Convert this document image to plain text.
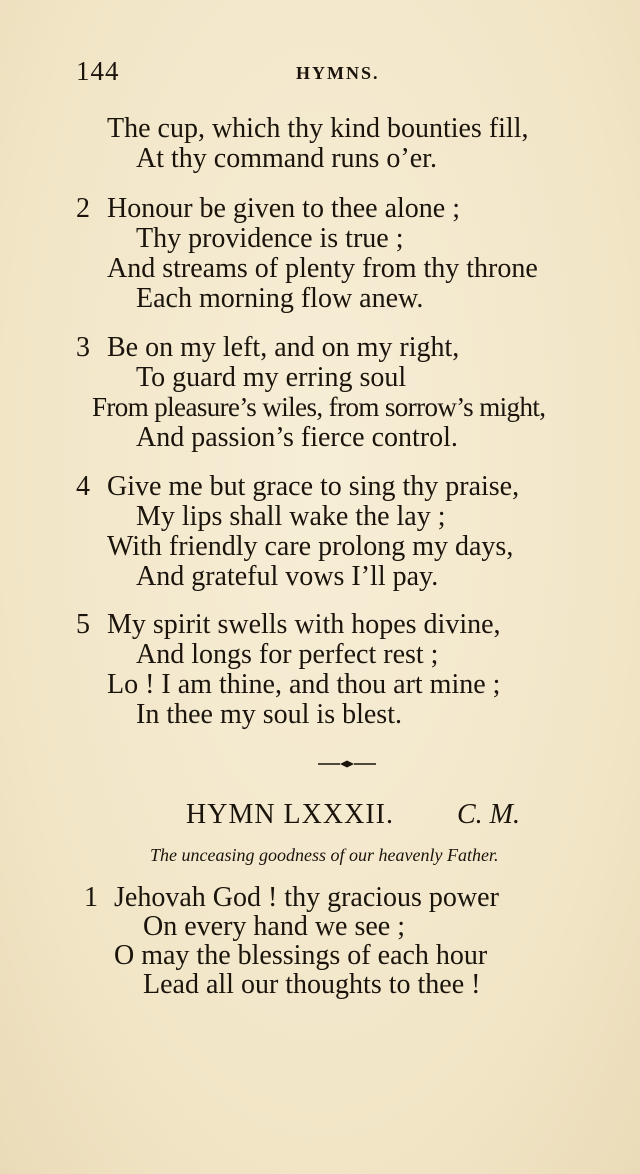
144	HYMNS.
The cup, which thy kind bounties fill,
At thy command runs o’er.
2 Honour be given to thee alone ;
Thy providence is true ;
And streams of plenty from thy throne
Each morning flow anew.
3 Be on my left, and on my right,
To guard my erring soul
From pleasure’s wiles, from sorrow’s might,
And passion’s fierce control.
4 Give me but grace to sing thy praise,
My lips shall wake the lay ;
With friendly care prolong my days,
And grateful vows I’ll pay.
5 My spirit swells with hopes divine,
And longs for perfect rest ;
Lo ! I am thine, and thou art mine ;
In thee my soul is blest.
HYMN LXXXII. C. M.
The unceasing goodness of our heavenly Father.
1 Jehovah God ! thy gracious power
On every hand we see ;
O may the blessings of each hour
Lead all our thoughts to thee !
